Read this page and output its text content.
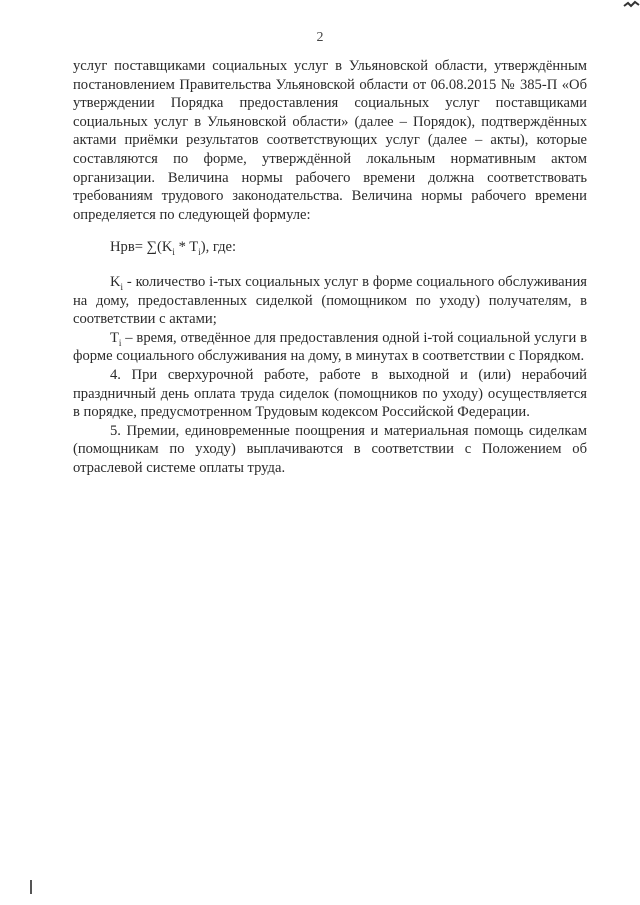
2

услуг поставщиками социальных услуг в Ульяновской области, утверждённым постановлением Правительства Ульяновской области от 06.08.2015 № 385-П «Об утверждении Порядка предоставления социальных услуг поставщиками социальных услуг в Ульяновской области» (далее – Порядок), подтверждённых актами приёмки результатов соответствующих услуг (далее – акты), которые составляются по форме, утверждённой локальным нормативным актом организации. Величина нормы рабочего времени должна соответствовать требованиям трудового законодательства. Величина нормы рабочего времени определяется по следующей формуле:

$Нрв= \sum(K_i * T_i)$, где:

$K_i$ - количество i-тых социальных услуг в форме социального обслуживания на дому, предоставленных сиделкой (помощником по уходу) получателям, в соответствии с актами;

$T_i$ – время, отведённое для предоставления одной i-той социальной услуги в форме социального обслуживания на дому, в минутах в соответствии с Порядком.

4. При сверхурочной работе, работе в выходной и (или) нерабочий праздничный день оплата труда сиделок (помощников по уходу) осуществляется в порядке, предусмотренном Трудовым кодексом Российской Федерации.

5. Премии, единовременные поощрения и материальная помощь сиделкам (помощникам по уходу) выплачиваются в соответствии с Положением об отраслевой системе оплаты труда.
